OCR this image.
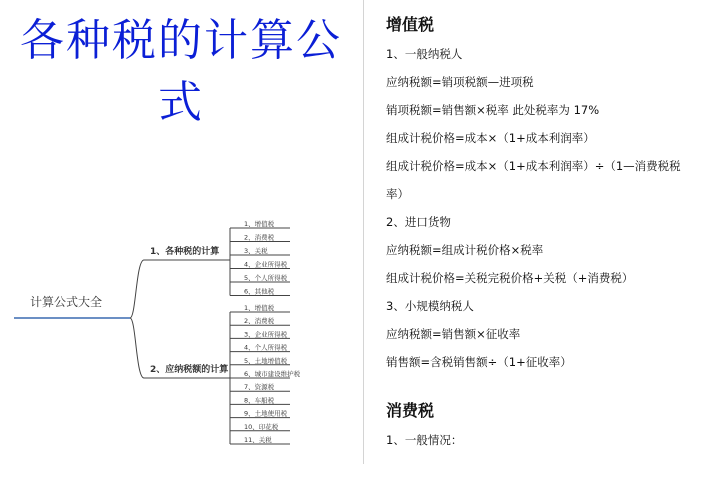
各种税的计算公式
计算公式大全
1、各种税的计算
1、增值税
2、消费税
3、关税
4、企业所得税
5、个人所得税
6、其他税
2、应纳税额的计算
1、增值税
2、消费税
3、企业所得税
4、个人所得税
5、土地增值税
6、城市建设维护税
7、资源税
8、车船税
9、土地使用税
10、印花税
11、关税
增值税
1、一般纳税人
应纳税额=销项税额—进项税
销项税额=销售额×税率 此处税率为 17%
组成计税价格=成本×（1+成本利润率）
组成计税价格=成本×（1+成本利润率）÷（1—消费税税
率）
2、进口货物
应纳税额=组成计税价格×税率
组成计税价格=关税完税价格+关税（+消费税）
3、小规模纳税人
应纳税额=销售额×征收率
销售额=含税销售额÷（1+征收率）
消费税
1、一般情况：
